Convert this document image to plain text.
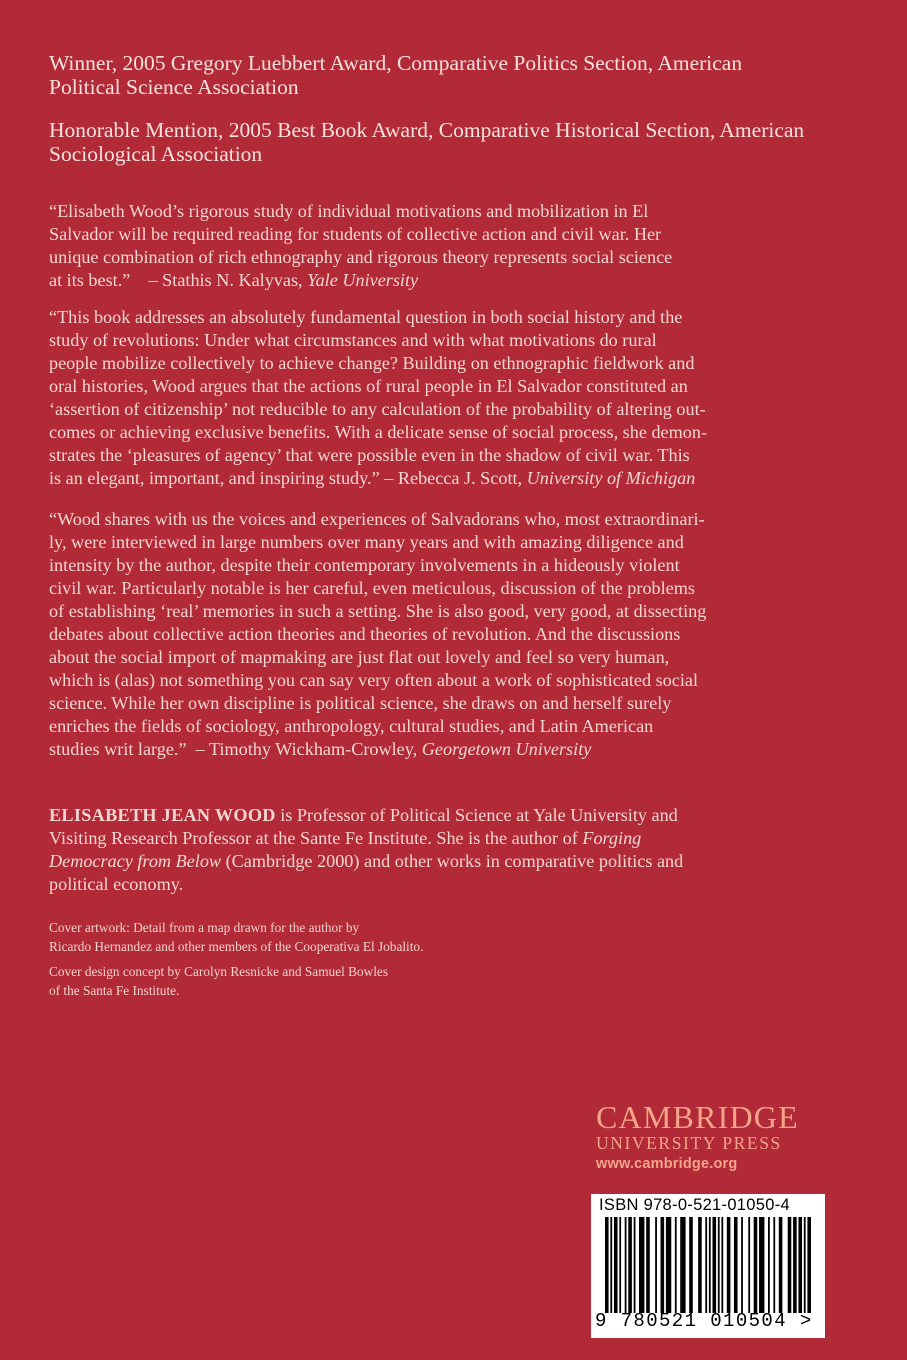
Winner, 2005 Gregory Luebbert Award, Comparative Politics Section, American
Political Science Association

Honorable Mention, 2005 Best Book Award, Comparative Historical Section, American
Sociological Association

“Elisabeth Wood’s rigorous study of individual motivations and mobilization in El
Salvador will be required reading for students of collective action and civil war. Her
unique combination of rich ethnography and rigorous theory represents social science
at its best.”    – Stathis N. Kalyvas, Yale University

“This book addresses an absolutely fundamental question in both social history and the
study of revolutions: Under what circumstances and with what motivations do rural
people mobilize collectively to achieve change? Building on ethnographic fieldwork and
oral histories, Wood argues that the actions of rural people in El Salvador constituted an
‘assertion of citizenship’ not reducible to any calculation of the probability of altering out-
comes or achieving exclusive benefits. With a delicate sense of social process, she demon-
strates the ‘pleasures of agency’ that were possible even in the shadow of civil war. This
is an elegant, important, and inspiring study.” – Rebecca J. Scott, University of Michigan

“Wood shares with us the voices and experiences of Salvadorans who, most extraordinari-
ly, were interviewed in large numbers over many years and with amazing diligence and
intensity by the author, despite their contemporary involvements in a hideously violent
civil war. Particularly notable is her careful, even meticulous, discussion of the problems
of establishing ‘real’ memories in such a setting. She is also good, very good, at dissecting
debates about collective action theories and theories of revolution. And the discussions
about the social import of mapmaking are just flat out lovely and feel so very human,
which is (alas) not something you can say very often about a work of sophisticated social
science. While her own discipline is political science, she draws on and herself surely
enriches the fields of sociology, anthropology, cultural studies, and Latin American
studies writ large.”  – Timothy Wickham-Crowley, Georgetown University

ELISABETH JEAN WOOD is Professor of Political Science at Yale University and
Visiting Research Professor at the Sante Fe Institute. She is the author of Forging
Democracy from Below (Cambridge 2000) and other works in comparative politics and
political economy.

Cover artwork: Detail from a map drawn for the author by
Ricardo Hernandez and other members of the Cooperativa El Jobalito.

Cover design concept by Carolyn Resnicke and Samuel Bowles
of the Santa Fe Institute.

CAMBRIDGE
UNIVERSITY PRESS
www.cambridge.org
ISBN 978-0-521-01050-4
9 780521 010504 >
